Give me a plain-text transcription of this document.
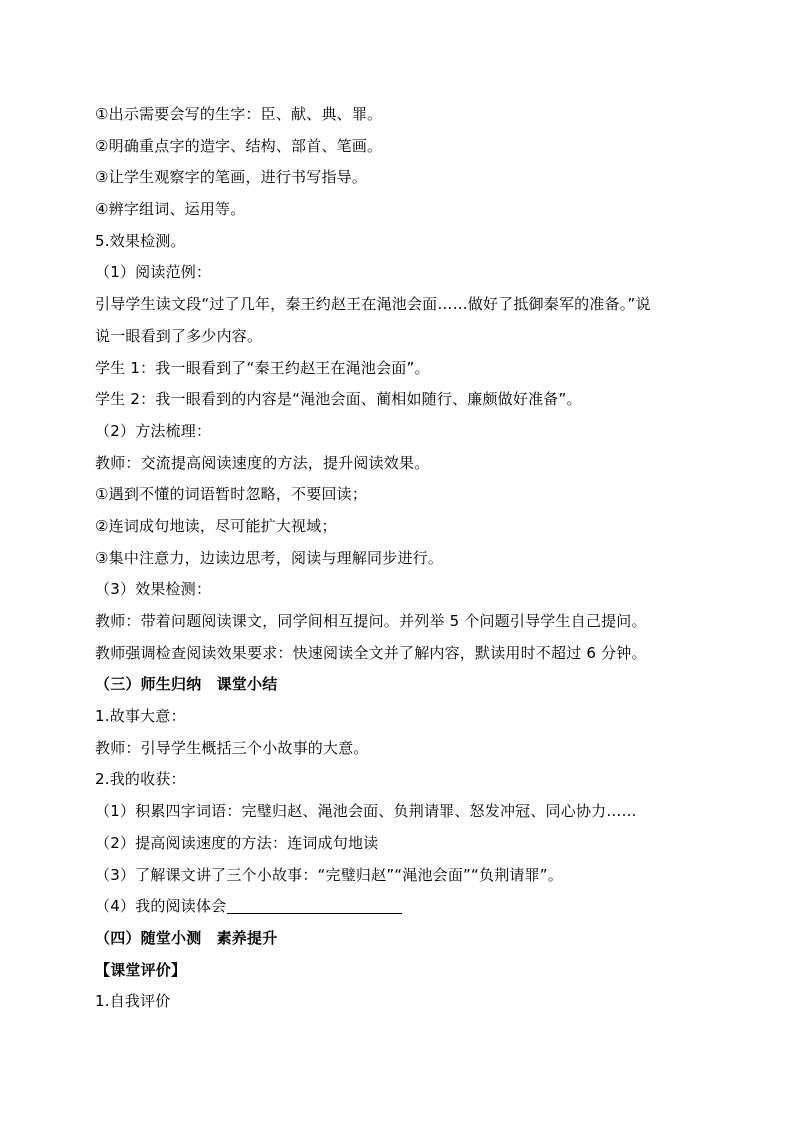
①出示需要会写的生字：臣、献、典、罪。
②明确重点字的造字、结构、部首、笔画。
③让学生观察字的笔画，进行书写指导。
④辨字组词、运用等。
5.效果检测。
（1）阅读范例：
引导学生读文段“过了几年，秦王约赵王在渑池会面……做好了抵御秦军的准备。”说
说一眼看到了多少内容。
学生 1：我一眼看到了“秦王约赵王在渑池会面”。
学生 2：我一眼看到的内容是“渑池会面、蔺相如随行、廉颇做好准备”。
（2）方法梳理：
教师：交流提高阅读速度的方法，提升阅读效果。
①遇到不懂的词语暂时忽略，不要回读；
②连词成句地读，尽可能扩大视域；
③集中注意力，边读边思考，阅读与理解同步进行。
（3）效果检测：
教师：带着问题阅读课文，同学间相互提问。并列举 5 个问题引导学生自己提问。
教师强调检查阅读效果要求：快速阅读全文并了解内容，默读用时不超过 6 分钟。
（三）师生归纳　课堂小结
1.故事大意：
教师：引导学生概括三个小故事的大意。
2.我的收获：
（1）积累四字词语：完璧归赵、渑池会面、负荆请罪、怒发冲冠、同心协力……
（2）提高阅读速度的方法：连词成句地读
（3）了解课文讲了三个小故事：“完璧归赵”“渑池会面”“负荆请罪”。
（4）我的阅读体会
（四）随堂小测　素养提升
【课堂评价】
1.自我评价
